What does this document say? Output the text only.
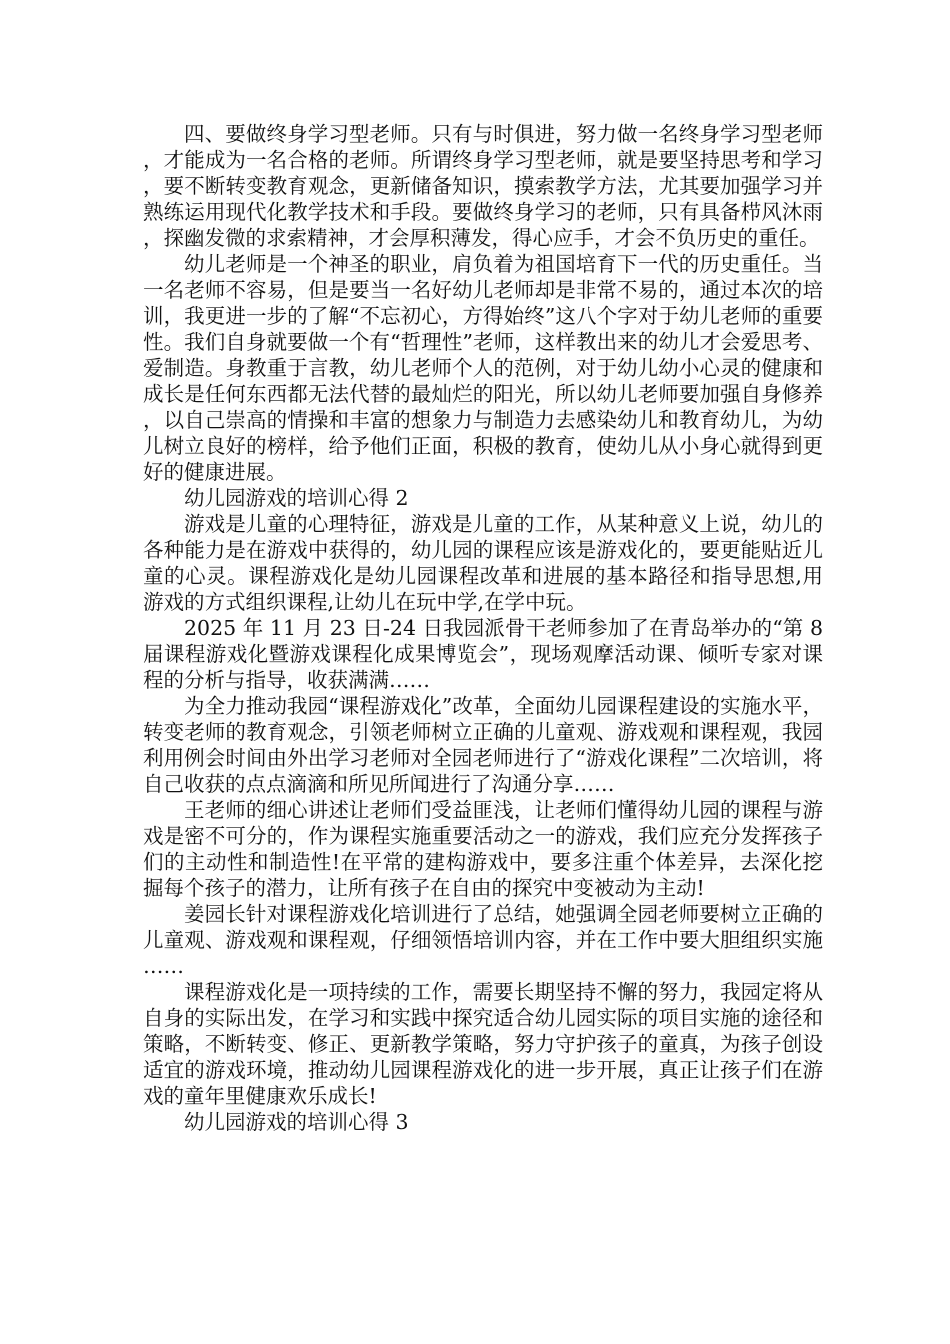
四、要做终身学习型老师。只有与时俱进，努力做一名终身学习型老师，才能成为一名合格的老师。所谓终身学习型老师，就是要坚持思考和学习，要不断转变教育观念，更新储备知识，摸索教学方法，尤其要加强学习并熟练运用现代化教学技术和手段。要做终身学习的老师，只有具备栉风沐雨，探幽发微的求索精神，才会厚积薄发，得心应手，才会不负历史的重任。

幼儿老师是一个神圣的职业，肩负着为祖国培育下一代的历史重任。当一名老师不容易，但是要当一名好幼儿老师却是非常不易的，通过本次的培训，我更进一步的了解“不忘初心，方得始终”这八个字对于幼儿老师的重要性。我们自身就要做一个有“哲理性”老师，这样教出来的幼儿才会爱思考、爱制造。身教重于言教，幼儿老师个人的范例，对于幼儿幼小心灵的健康和成长是任何东西都无法代替的最灿烂的阳光，所以幼儿老师要加强自身修养，以自己崇高的情操和丰富的想象力与制造力去感染幼儿和教育幼儿，为幼儿树立良好的榜样，给予他们正面，积极的教育，使幼儿从小身心就得到更好的健康进展。

幼儿园游戏的培训心得 2

游戏是儿童的心理特征，游戏是儿童的工作，从某种意义上说，幼儿的各种能力是在游戏中获得的，幼儿园的课程应该是游戏化的，要更能贴近儿童的心灵。课程游戏化是幼儿园课程改革和进展的基本路径和指导思想,用游戏的方式组织课程,让幼儿在玩中学,在学中玩。

2025 年 11 月 23 日-24 日我园派骨干老师参加了在青岛举办的“第 8 届课程游戏化暨游戏课程化成果博览会”，现场观摩活动课、倾听专家对课程的分析与指导，收获满满……

为全力推动我园“课程游戏化”改革，全面幼儿园课程建设的实施水平，转变老师的教育观念，引领老师树立正确的儿童观、游戏观和课程观，我园利用例会时间由外出学习老师对全园老师进行了“游戏化课程”二次培训，将自己收获的点点滴滴和所见所闻进行了沟通分享……

王老师的细心讲述让老师们受益匪浅，让老师们懂得幼儿园的课程与游戏是密不可分的，作为课程实施重要活动之一的游戏，我们应充分发挥孩子们的主动性和制造性!在平常的建构游戏中，要多注重个体差异，去深化挖掘每个孩子的潜力，让所有孩子在自由的探究中变被动为主动!

姜园长针对课程游戏化培训进行了总结，她强调全园老师要树立正确的儿童观、游戏观和课程观，仔细领悟培训内容，并在工作中要大胆组织实施……

课程游戏化是一项持续的工作，需要长期坚持不懈的努力，我园定将从自身的实际出发，在学习和实践中探究适合幼儿园实际的项目实施的途径和策略，不断转变、修正、更新教学策略，努力守护孩子的童真，为孩子创设适宜的游戏环境，推动幼儿园课程游戏化的进一步开展，真正让孩子们在游戏的童年里健康欢乐成长!

幼儿园游戏的培训心得 3
